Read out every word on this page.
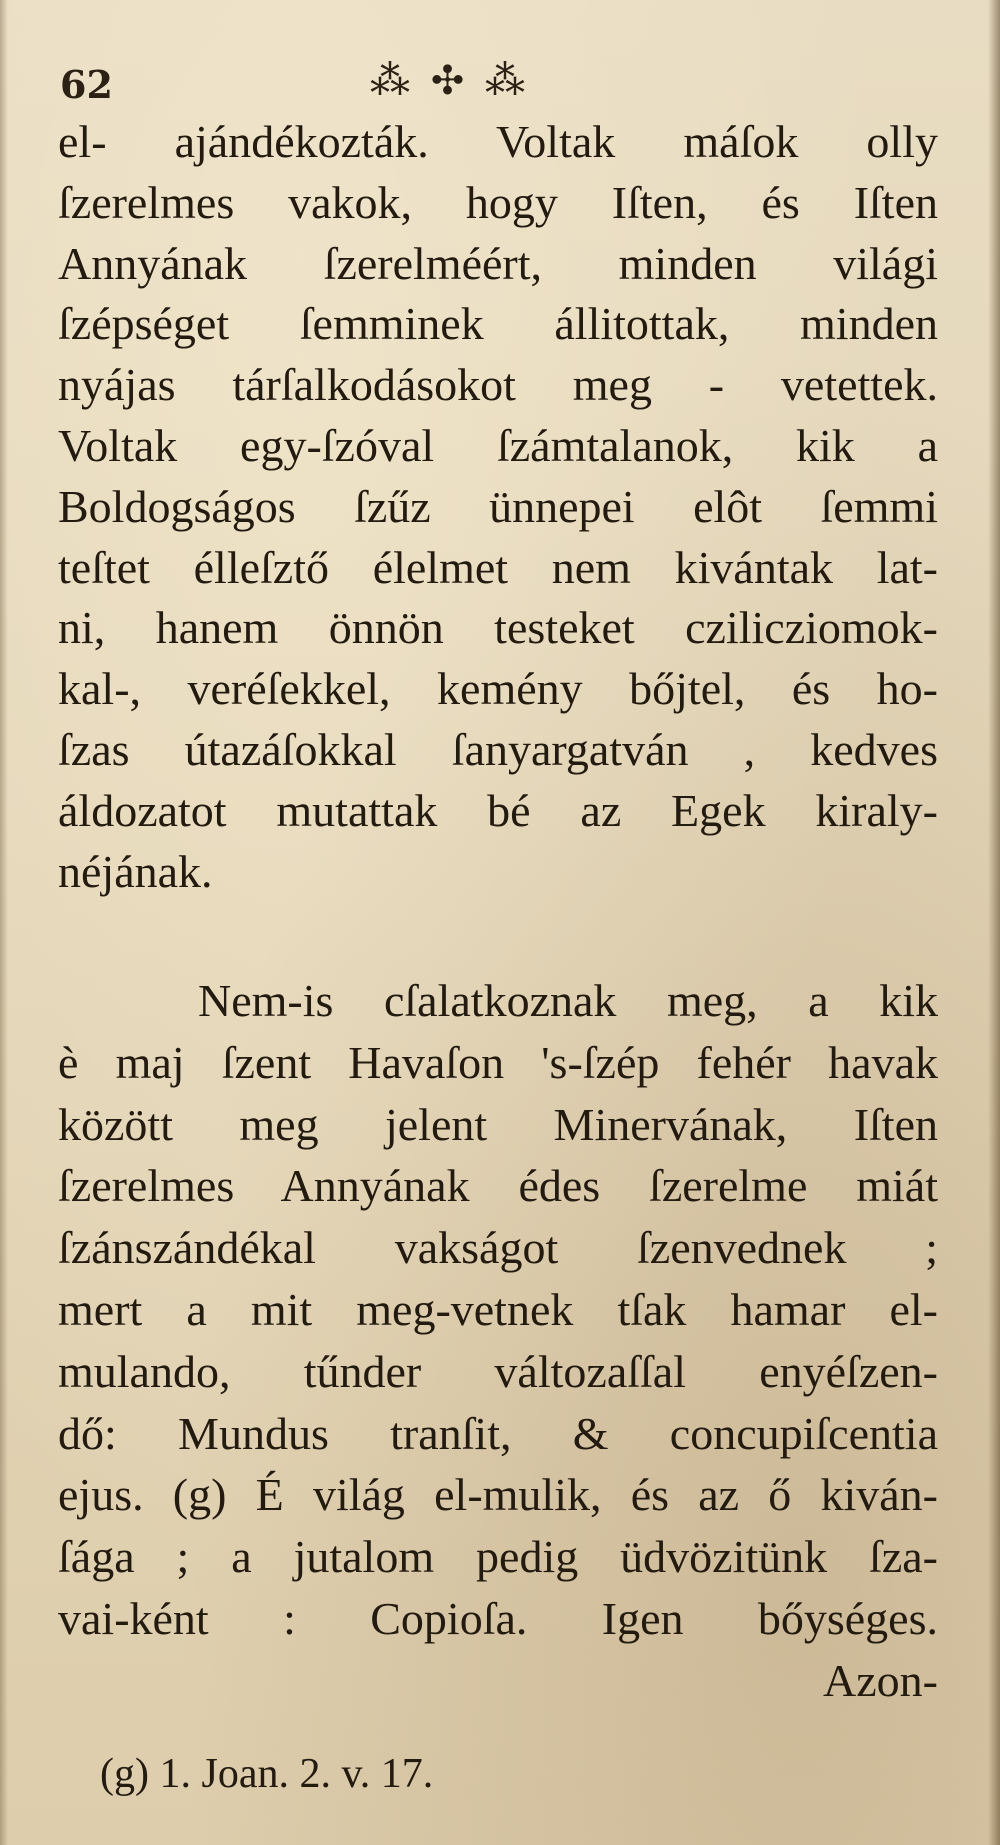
62	⁂ ✣ ⁂
el- ajándékozták. Voltak máſok olly
ſzerelmes vakok, hogy Iſten, és Iſten
Annyának ſzerelméért, minden világi
ſzépséget ſemminek állitottak, minden
nyájas tárſalkodásokot meg - vetettek.
Voltak egy-ſzóval ſzámtalanok, kik a
Boldogságos ſzűz ünnepei elôt ſemmi
teſtet élleſztő élelmet nem kivántak lat-
ni, hanem önnön testeket czilicziomok-
kal-, veréſekkel, kemény bőjtel, és ho-
ſzas útazáſokkal ſanyargatván , kedves
áldozatot mutattak bé az Egek kiraly-
néjának.
Nem-is cſalatkoznak meg, a kik
è maj ſzent Havaſon 's-ſzép fehér havak
között meg jelent Minervának, Iſten
ſzerelmes Annyának édes ſzerelme miát
ſzánszándékal vakságot ſzenvednek ;
mert a mit meg-vetnek tſak hamar el-
mulando, tűnder változaſſal enyéſzen-
dő: Mundus tranſit, & concupiſcentia
ejus. (g) É világ el-mulik, és az ő kiván-
ſága ; a jutalom pedig üdvözitünk ſza-
vai-ként : Copioſa. Igen bőységes.
Azon-
(g) 1. Joan. 2. v. 17.
